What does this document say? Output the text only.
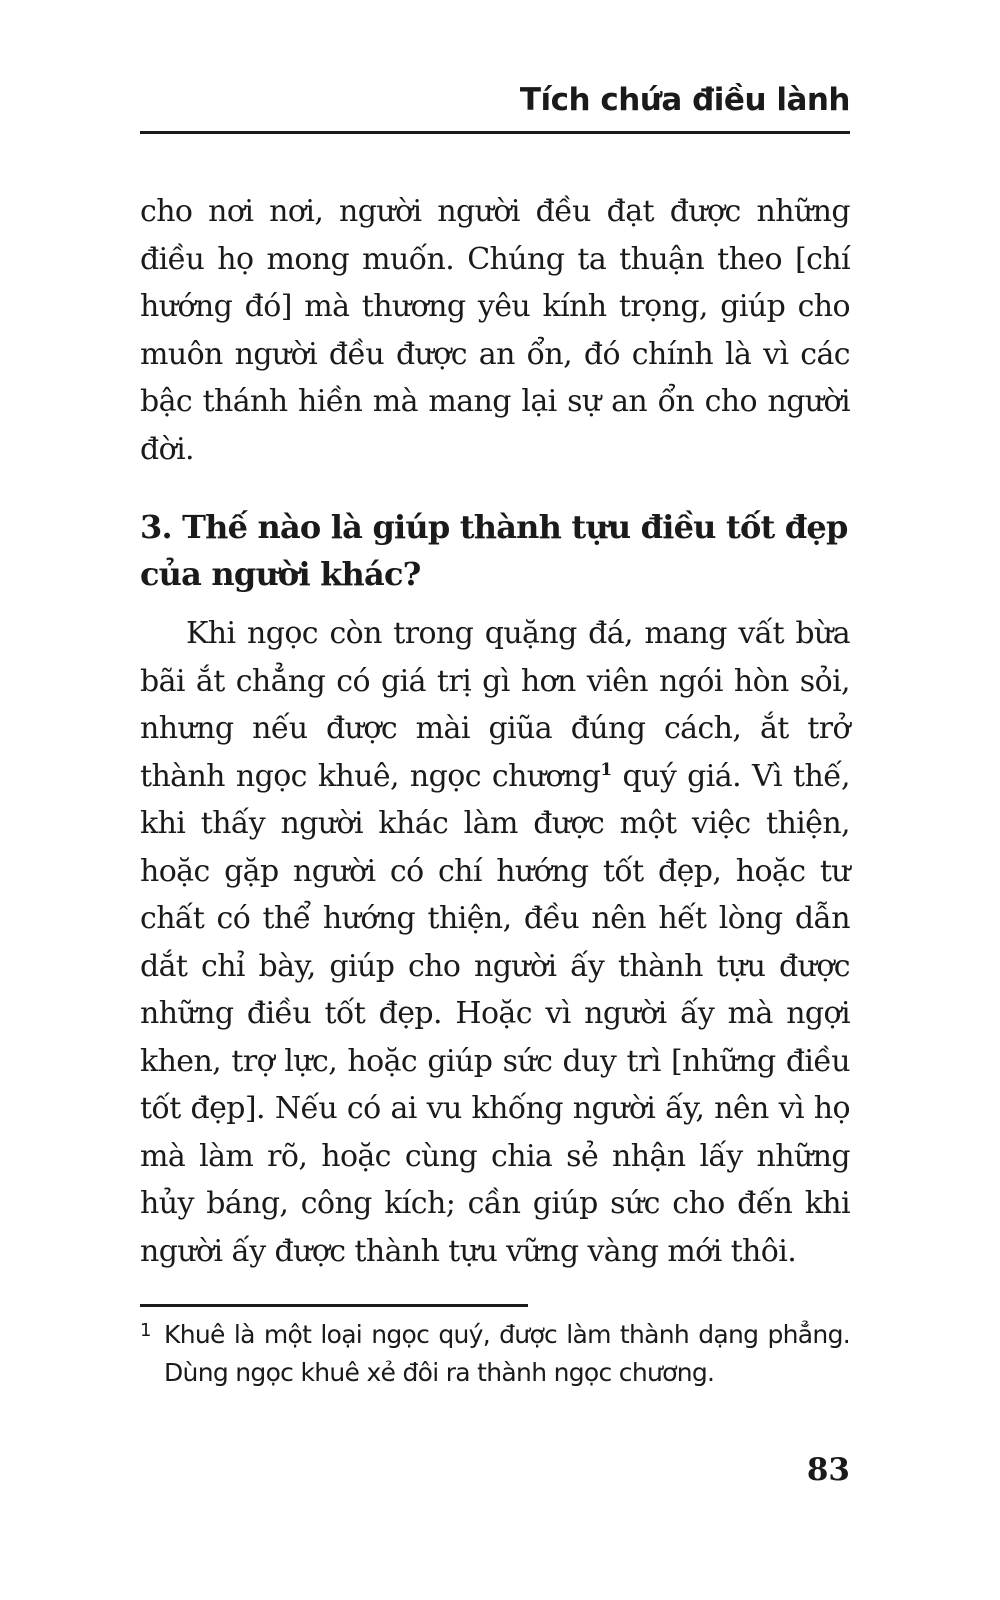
Tích chứa điều lành

cho nơi nơi, người người đều đạt được những điều họ mong muốn. Chúng ta thuận theo [chí hướng đó] mà thương yêu kính trọng, giúp cho muôn người đều được an ổn, đó chính là vì các bậc thánh hiền mà mang lại sự an ổn cho người đời.

3. Thế nào là giúp thành tựu điều tốt đẹp của người khác?

Khi ngọc còn trong quặng đá, mang vất bừa bãi ắt chẳng có giá trị gì hơn viên ngói hòn sỏi, nhưng nếu được mài giũa đúng cách, ắt trở thành ngọc khuê, ngọc chương$^1$ quý giá. Vì thế, khi thấy người khác làm được một việc thiện, hoặc gặp người có chí hướng tốt đẹp, hoặc tư chất có thể hướng thiện, đều nên hết lòng dẫn dắt chỉ bày, giúp cho người ấy thành tựu được những điều tốt đẹp. Hoặc vì người ấy mà ngợi khen, trợ lực, hoặc giúp sức duy trì [những điều tốt đẹp]. Nếu có ai vu khống người ấy, nên vì họ mà làm rõ, hoặc cùng chia sẻ nhận lấy những hủy báng, công kích; cần giúp sức cho đến khi người ấy được thành tựu vững vàng mới thôi.

1 Khuê là một loại ngọc quý, được làm thành dạng phẳng. Dùng ngọc khuê xẻ đôi ra thành ngọc chương.

83
